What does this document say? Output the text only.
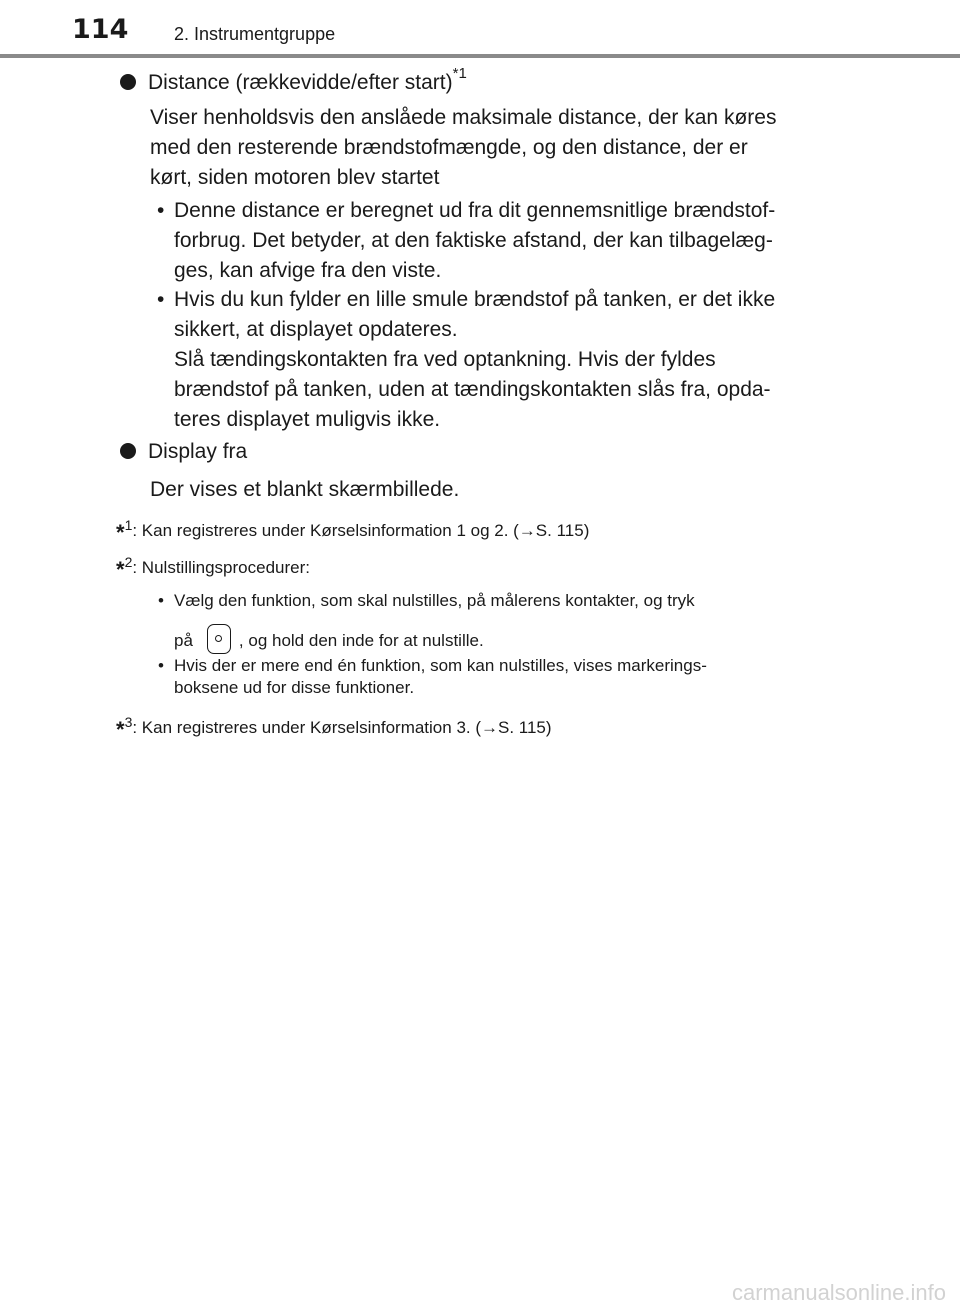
114	2. Instrumentgruppe
Distance (rækkevidde/efter start)$^{*1}$
Viser henholdsvis den anslåede maksimale distance, der kan køres
med den resterende brændstofmængde, og den distance, der er
kørt, siden motoren blev startet
• Denne distance er beregnet ud fra dit gennemsnitlige brændstof-
forbrug. Det betyder, at den faktiske afstand, der kan tilbagelæg-
ges, kan afvige fra den viste.
• Hvis du kun fylder en lille smule brændstof på tanken, er det ikke
sikkert, at displayet opdateres.
Slå tændingskontakten fra ved optankning. Hvis der fyldes
brændstof på tanken, uden at tændingskontakten slås fra, opda-
teres displayet muligvis ikke.
Display fra
Der vises et blankt skærmbillede.
*$^1$: Kan registreres under Kørselsinformation 1 og 2. (→S. 115)
*$^2$: Nulstillingsprocedurer:
• Vælg den funktion, som skal nulstilles, på målerens kontakter, og tryk
på	, og hold den inde for at nulstille.
• Hvis der er mere end én funktion, som kan nulstilles, vises markerings-
boksene ud for disse funktioner.
*$^3$: Kan registreres under Kørselsinformation 3. (→S. 115)
carmanualsonline.info
